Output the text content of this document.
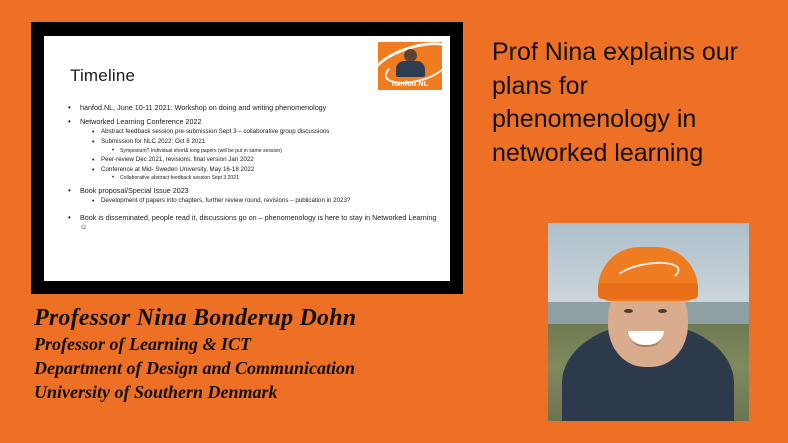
Timeline
• hanfod.NL, June 10-11 2021: Workshop on doing and writing phenomenology
• Networked Learning Conference 2022
• Abstract feedback session pre-submission Sept 3 – collaborative group discussions
• Submission for NLC 2022: Oct 8 2021
• Symposium? Individual short& long papers (will be put in same session)
• Peer-review Dec 2021, revisions, final version Jan 2022
• Conference at Mid- Sweden University, May 16-18 2022
• Collaborative abstract feedback session Sept 3 2021
• Book proposal/Special Issue 2023
• Development of papers into chapters, further review round, revisions – publication in 2023?
• Book is disseminated, people read it, discussions go on – phenomenology is here to stay in Networked Learning ☺
hanfod.NL
Professor Nina Bonderup Dohn
Professor of Learning & ICT
Department of Design and Communication
University of Southern Denmark
Prof Nina explains our plans for phenomenology in networked learning
